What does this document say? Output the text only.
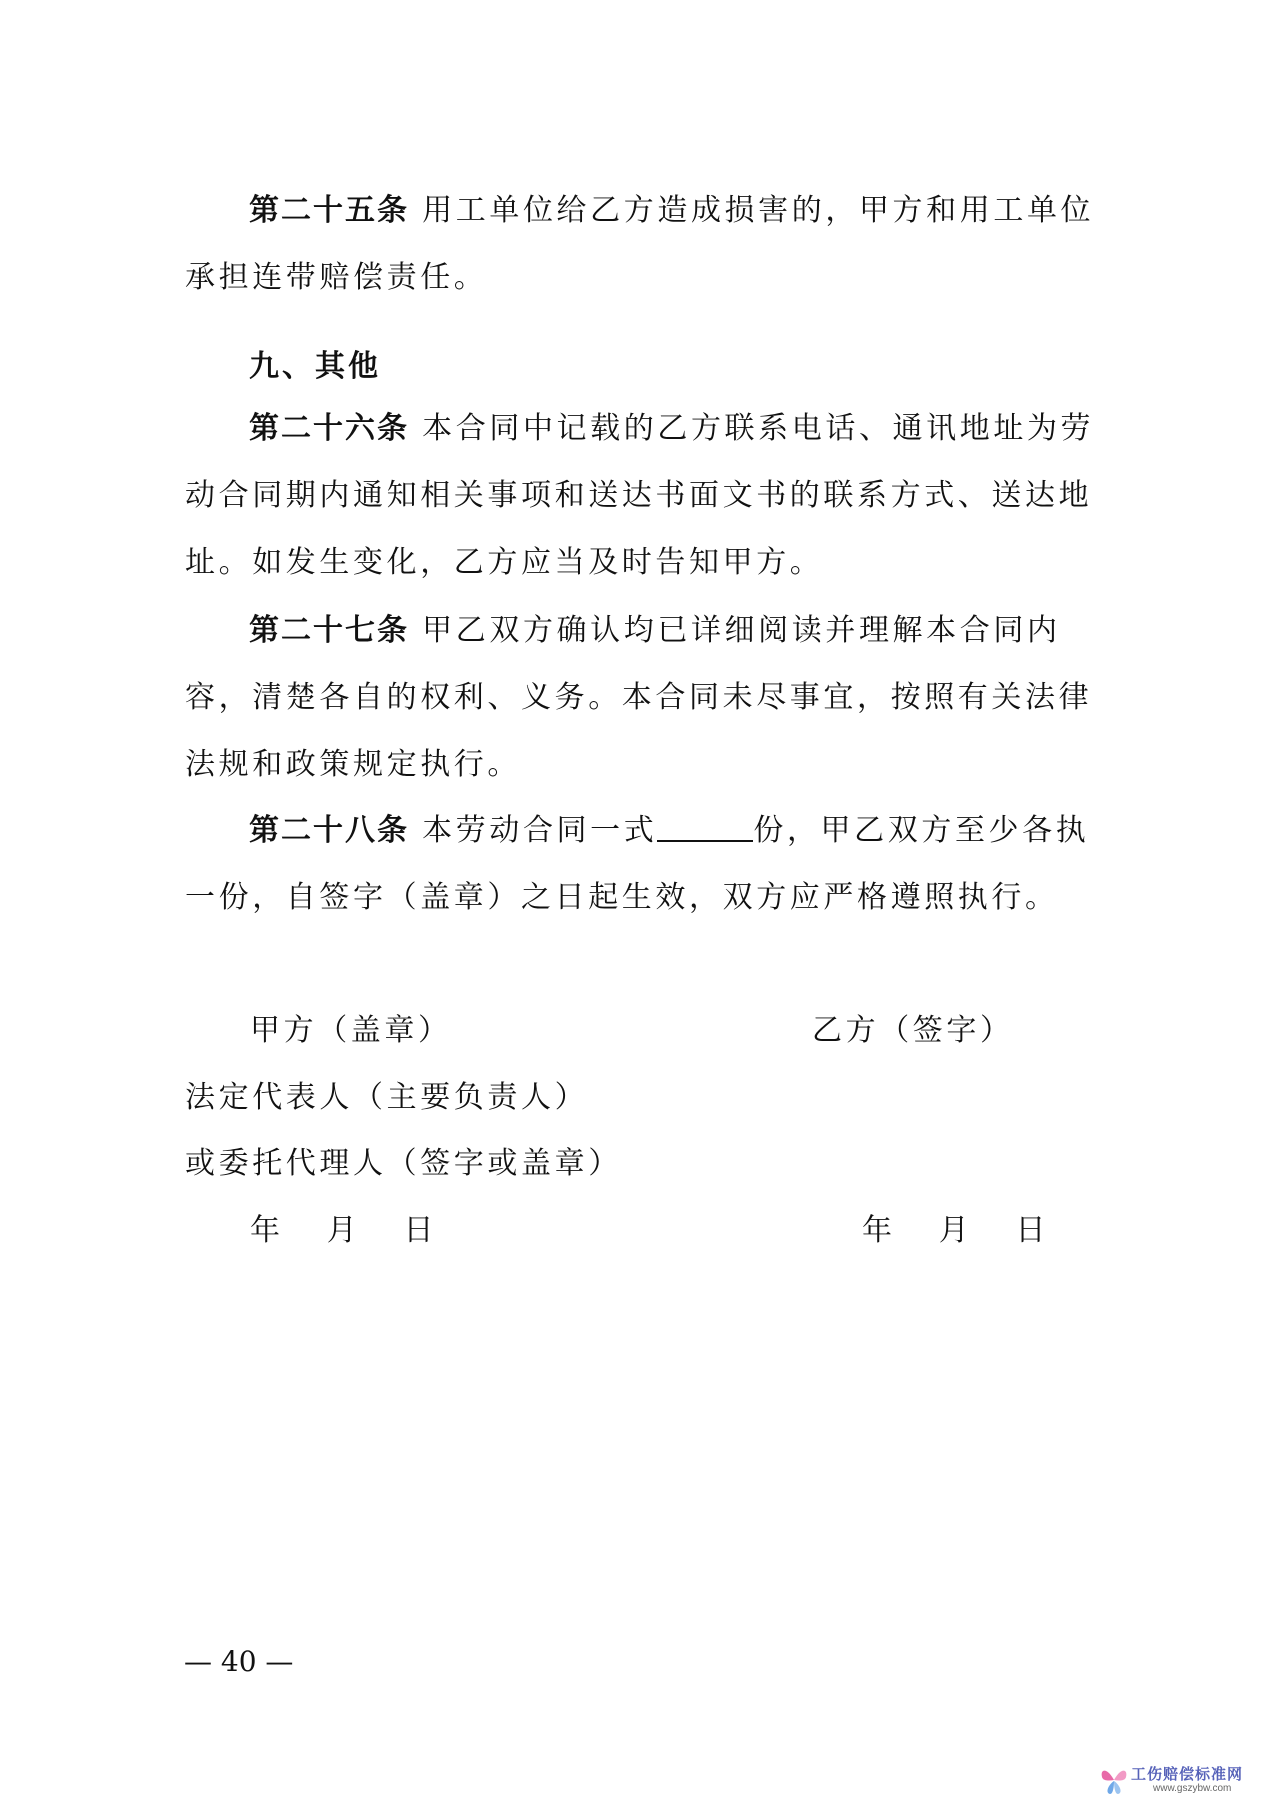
第二十五条 用工单位给乙方造成损害的，甲方和用工单位承担连带赔偿责任。

九、其他

第二十六条 本合同中记载的乙方联系电话、通讯地址为劳动合同期内通知相关事项和送达书面文书的联系方式、送达地址。如发生变化，乙方应当及时告知甲方。

第二十七条 甲乙双方确认均已详细阅读并理解本合同内容，清楚各自的权利、义务。本合同未尽事宜，按照有关法律法规和政策规定执行。

第二十八条 本劳动合同一式	份，甲乙双方至少各执一份，自签字（盖章）之日起生效，双方应严格遵照执行。

甲方（盖章）	乙方（签字）
法定代表人（主要负责人）
或委托代理人（签字或盖章）
年 月 日	年 月 日
— 40 —
工伤赔偿标准网
www.gszybw.com
